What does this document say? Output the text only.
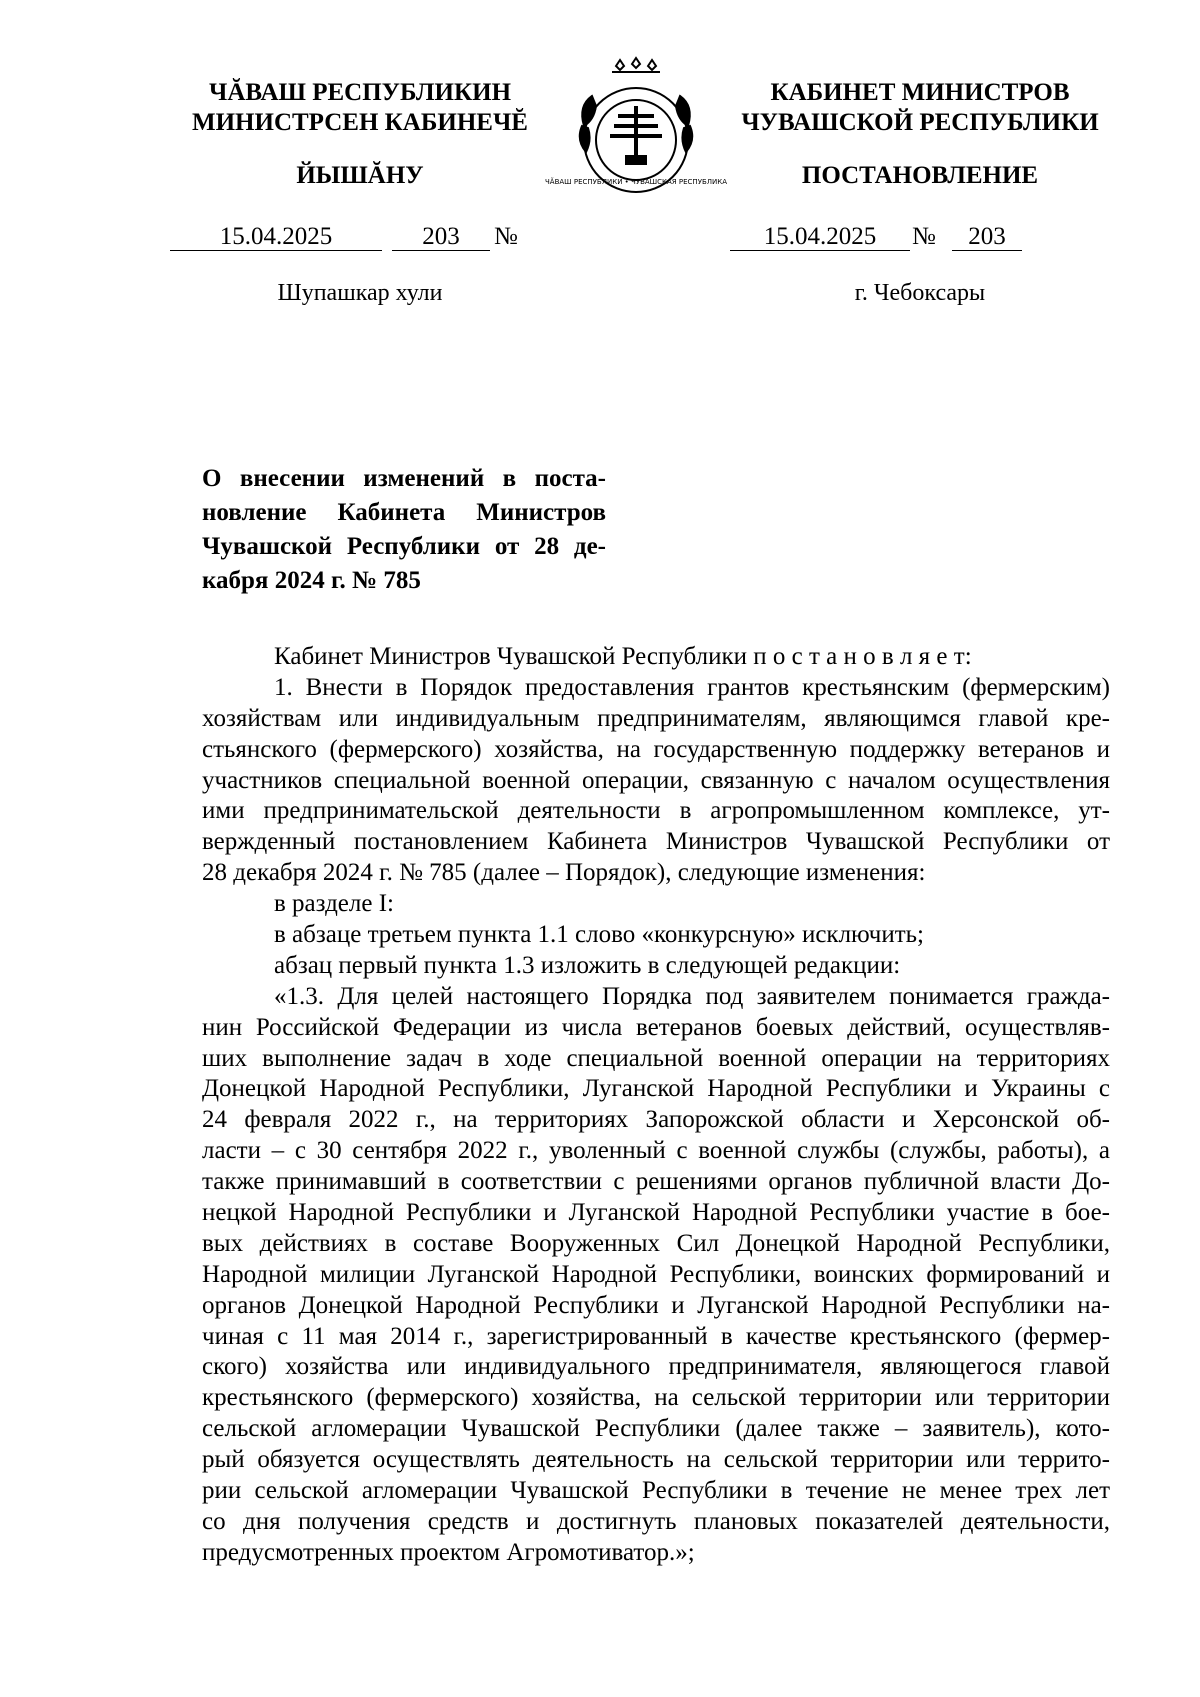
ЧĂВАШ РЕСПУБЛИКИН
МИНИСТРСЕН КАБИНЕЧĔ
ЙЫШĂНУ	ЧĂВАШ РЕСПУБЛИКИ • ЧУВАШСКАЯ РЕСПУБЛИКА
КАБИНЕТ МИНИСТРОВ
ЧУВАШСКОЙ РЕСПУБЛИКИ
ПОСТАНОВЛЕНИЕ
15.04.2025	203	№	15.04.2025	№	203
Шупашкар хули	г. Чебоксары
О внесении изменений в поста-
новление Кабинета Министров
Чувашской Республики от 28 де-
кабря 2024 г. № 785
Кабинет Министров Чувашской Республики п о с т а н о в л я е т:
1. Внести в Порядок предоставления грантов крестьянским (фермерским)
хозяйствам или индивидуальным предпринимателям, являющимся главой кре-
стьянского (фермерского) хозяйства, на государственную поддержку ветеранов и
участников специальной военной операции, связанную с началом осуществления
ими предпринимательской деятельности в агропромышленном комплексе, ут-
вержденный постановлением Кабинета Министров Чувашской Республики от
28 декабря 2024 г. № 785 (далее – Порядок), следующие изменения:
в разделе I:
в абзаце третьем пункта 1.1 слово «конкурсную» исключить;
абзац первый пункта 1.3 изложить в следующей редакции:
«1.3. Для целей настоящего Порядка под заявителем понимается гражда-
нин Российской Федерации из числа ветеранов боевых действий, осуществляв-
ших выполнение задач в ходе специальной военной операции на территориях
Донецкой Народной Республики, Луганской Народной Республики и Украины с
24 февраля 2022 г., на территориях Запорожской области и Херсонской об-
ласти – с 30 сентября 2022 г., уволенный с военной службы (службы, работы), а
также принимавший в соответствии с решениями органов публичной власти До-
нецкой Народной Республики и Луганской Народной Республики участие в бое-
вых действиях в составе Вооруженных Сил Донецкой Народной Республики,
Народной милиции Луганской Народной Республики, воинских формирований и
органов Донецкой Народной Республики и Луганской Народной Республики на-
чиная с 11 мая 2014 г., зарегистрированный в качестве крестьянского (фермер-
ского) хозяйства или индивидуального предпринимателя, являющегося главой
крестьянского (фермерского) хозяйства, на сельской территории или территории
сельской агломерации Чувашской Республики (далее также – заявитель), кото-
рый обязуется осуществлять деятельность на сельской территории или террито-
рии сельской агломерации Чувашской Республики в течение не менее трех лет
со дня получения средств и достигнуть плановых показателей деятельности,
предусмотренных проектом Агромотиватор.»;
